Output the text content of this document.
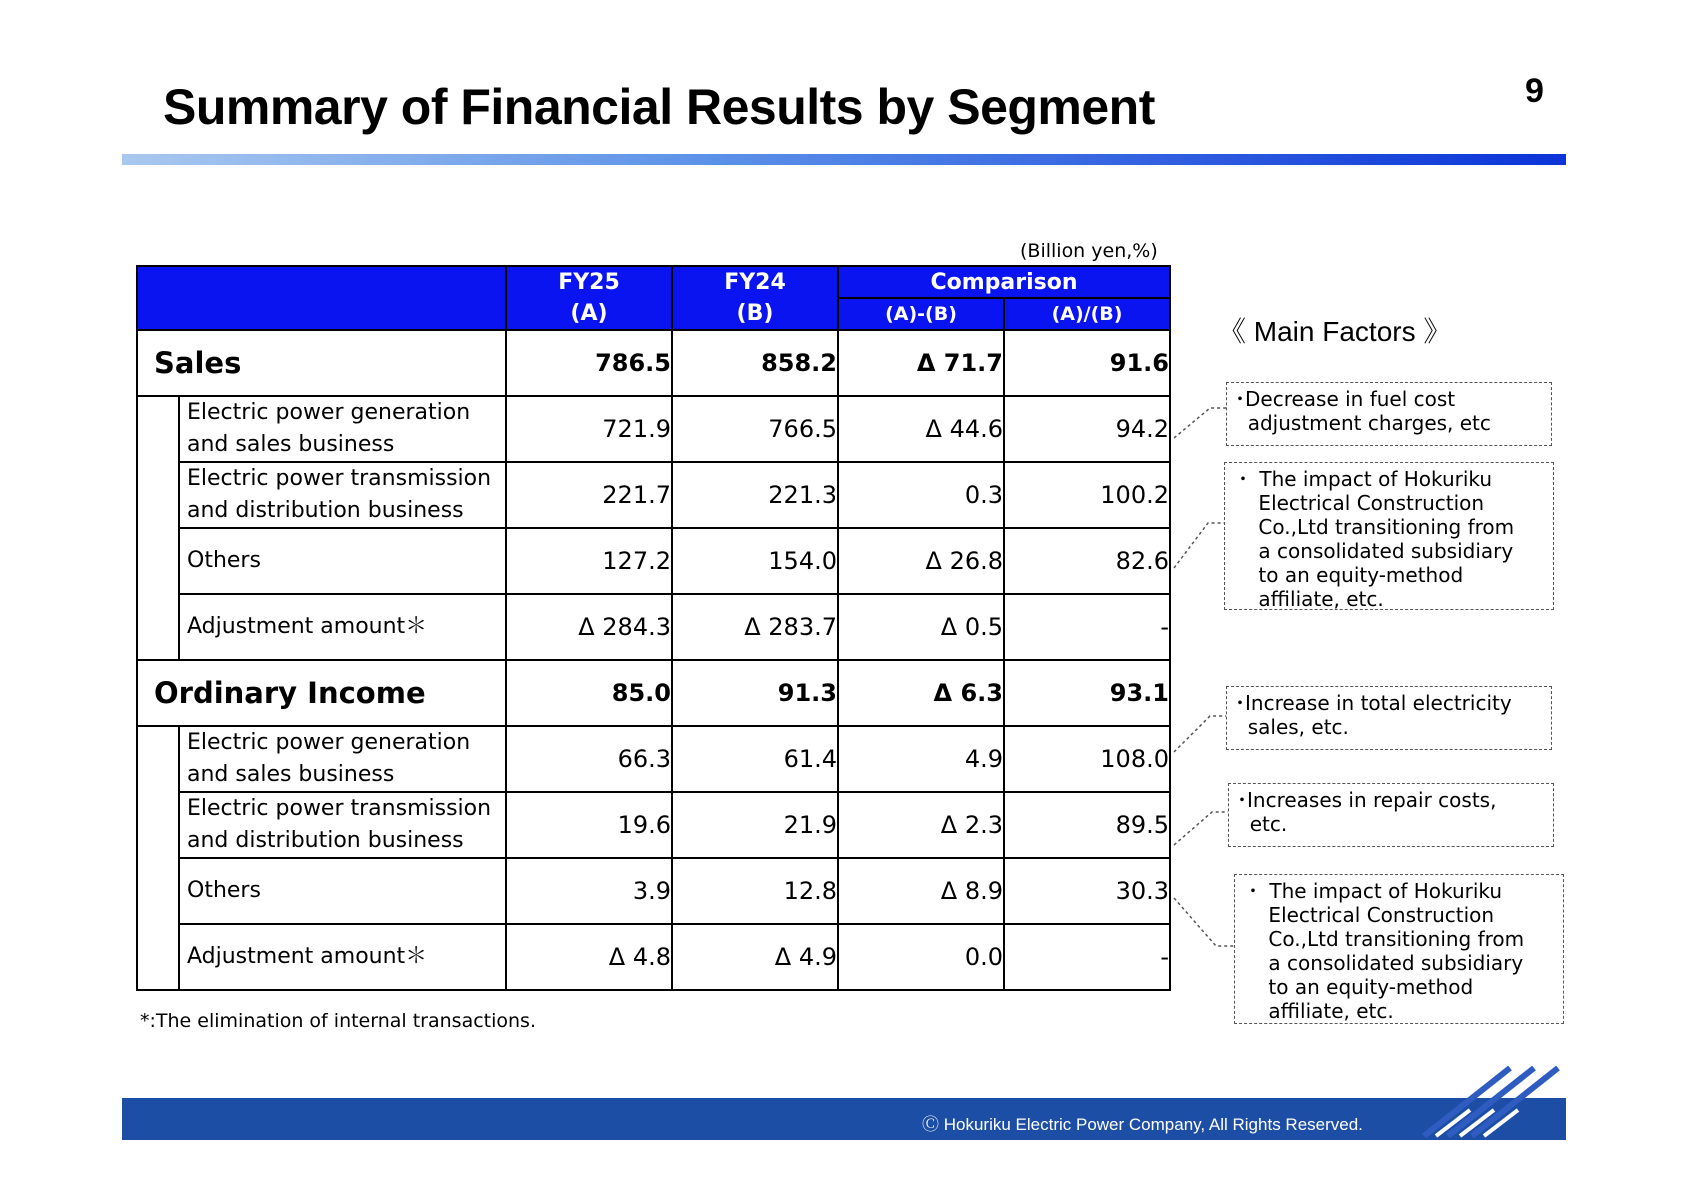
Summary of Financial Results by Segment	9
(Billion yen,%)
		FY25	FY24	Comparison	
		(A)	(B)	(A)-(B)	(A)/(B)
Sales		786.5	858.2	Δ 71.7	91.6
	Electric power generation
and sales business	721.9	766.5	Δ 44.6	94.2
	Electric power transmission
and distribution business	221.7	221.3	0.3	100.2
	Others	127.2	154.0	Δ 26.8	82.6
	Adjustment amount＊	Δ 284.3	Δ 283.7	Δ 0.5	-
Ordinary Income		85.0	91.3	Δ 6.3	93.1
	Electric power generation
and sales business	66.3	61.4	4.9	108.0
	Electric power transmission
and distribution business	19.6	21.9	Δ 2.3	89.5
	Others	3.9	12.8	Δ 8.9	30.3
	Adjustment amount＊	Δ 4.8	Δ 4.9	0.0	-
*:The elimination of internal transactions.
《 Main Factors 》
･Decrease in fuel cost
adjustment charges, etc
・ The impact of Hokuriku
Electrical Construction
Co.,Ltd transitioning from
a consolidated subsidiary
to an equity-method
affiliate, etc.
･Increase in total electricity
sales, etc.
･Increases in repair costs,
etc.
・ The impact of Hokuriku
Electrical Construction
Co.,Ltd transitioning from
a consolidated subsidiary
to an equity-method
affiliate, etc.
Ⓒ Hokuriku Electric Power Company, All Rights Reserved.
